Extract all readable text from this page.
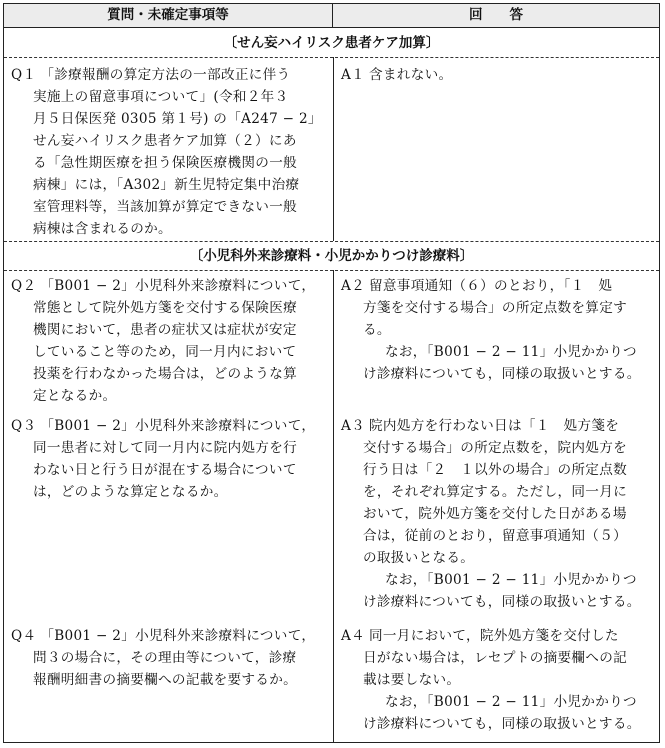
質問・未確定事項等	回　　答
〔せん妄ハイリスク患者ケア加算〕
Q１ 「診療報酬の算定方法の一部改正に伴う
実施上の留意事項について」(令和２年３
月５日保医発 0305 第１号) の「A247 − 2」
せん妄ハイリスク患者ケア加算（２）にあ
る「急性期医療を担う保険医療機関の一般
病棟」には，「A302」新生児特定集中治療
室管理料等，当該加算が算定できない一般
病棟は含まれるのか。
A１ 含まれない。
〔小児科外来診療料・小児かかりつけ診療料〕
Q２ 「B001 − 2」小児科外来診療料について，
常態として院外処方箋を交付する保険医療
機関において，患者の症状又は症状が安定
していること等のため，同一月内において
投薬を行わなかった場合は，どのような算
定となるか。
A２ 留意事項通知（６）のとおり，「１　処
方箋を交付する場合」の所定点数を算定す
る。
なお，「B001 − 2 − 11」小児かかりつ
け診療料についても，同様の取扱いとする。
Q３ 「B001 − 2」小児科外来診療料について，
同一患者に対して同一月内に院内処方を行
わない日と行う日が混在する場合について
は，どのような算定となるか。
A３ 院内処方を行わない日は「１　処方箋を
交付する場合」の所定点数を，院内処方を
行う日は「２　１以外の場合」の所定点数
を，それぞれ算定する。ただし，同一月に
おいて，院外処方箋を交付した日がある場
合は，従前のとおり，留意事項通知（５）
の取扱いとなる。
なお，「B001 − 2 − 11」小児かかりつ
け診療料についても，同様の取扱いとする。
Q４ 「B001 − 2」小児科外来診療料について，
問３の場合に，その理由等について，診療
報酬明細書の摘要欄への記載を要するか。
A４ 同一月において，院外処方箋を交付した
日がない場合は，レセプトの摘要欄への記
載は要しない。
なお，「B001 − 2 − 11」小児かかりつ
け診療料についても，同様の取扱いとする。
